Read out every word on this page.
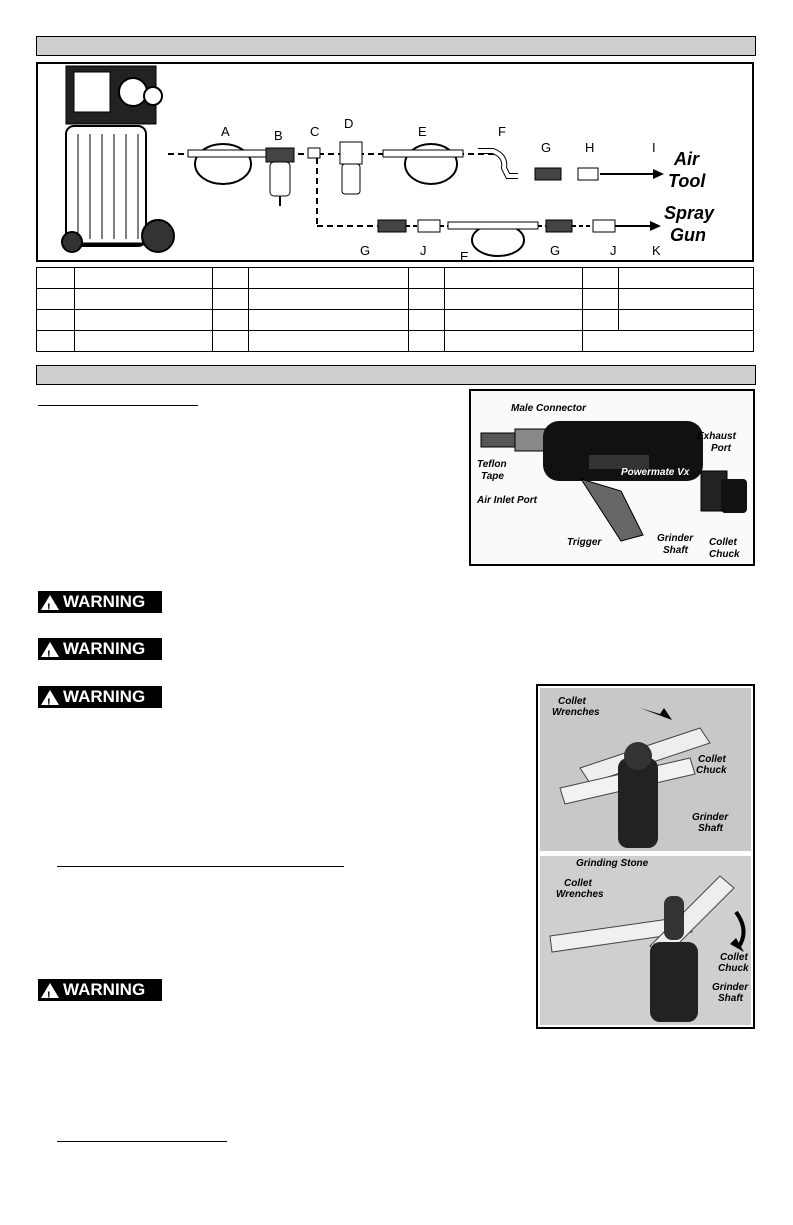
A	B C
D
E	F
G	H	I
Air
Tool
Spray
Gun
G	J	E	G	J	K

Powermate Vx
Male Connector
Exhaust
Port
Teflon
Tape
Air Inlet Port
Trigger	Grinder
Shaft
Collet
Chuck
!
WARNING
!
WARNING
!
WARNING
!
WARNING
Collet
Wrenches
Collet
Chuck
Grinder
Shaft
Grinding Stone
Collet
Wrenches
Collet
Chuck
Grinder
Shaft
